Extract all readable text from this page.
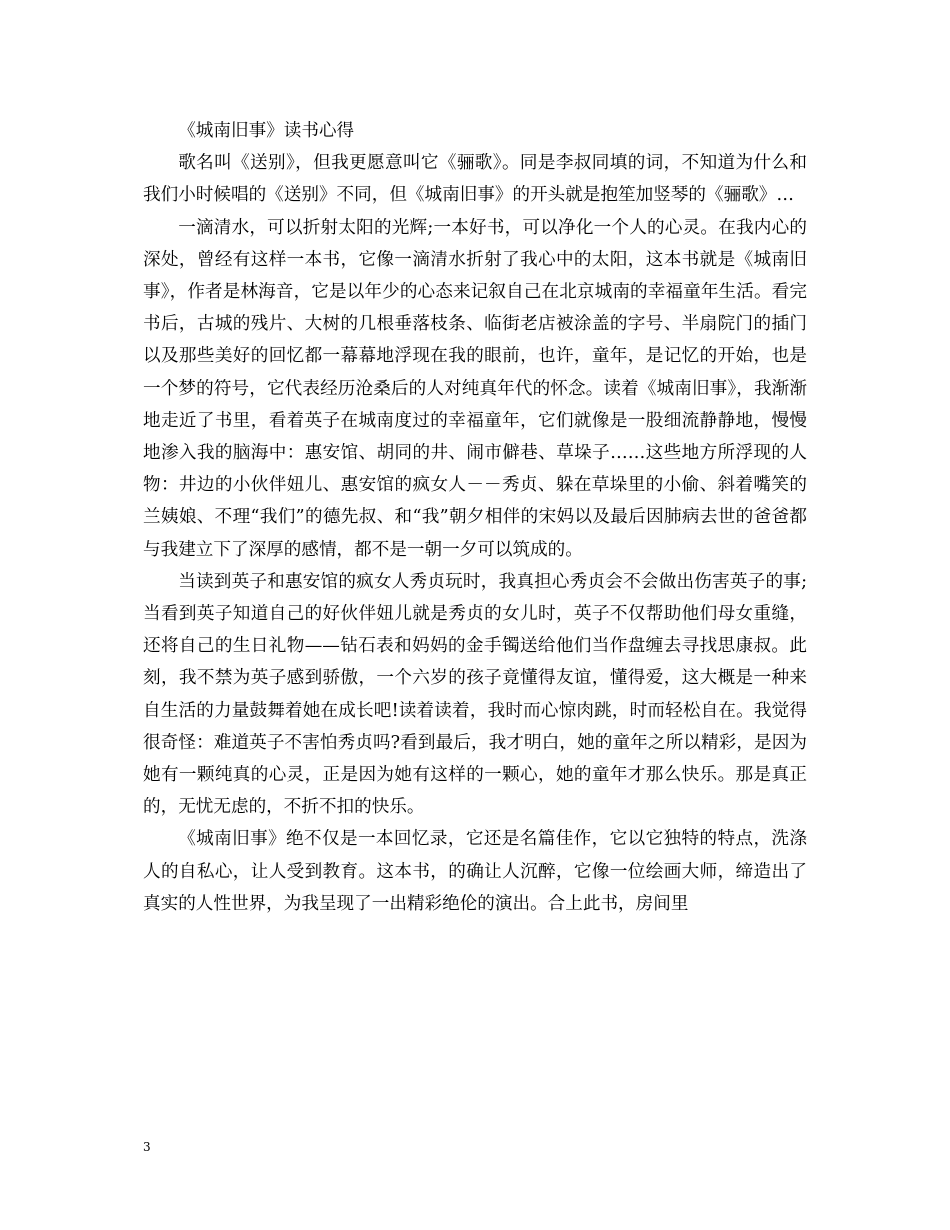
《城南旧事》读书心得

歌名叫《送别》，但我更愿意叫它《骊歌》。同是李叔同填的词，不知道为什么和我们小时候唱的《送别》不同，但《城南旧事》的开头就是抱笙加竖琴的《骊歌》…

一滴清水，可以折射太阳的光辉;一本好书，可以净化一个人的心灵。在我内心的深处，曾经有这样一本书，它像一滴清水折射了我心中的太阳，这本书就是《城南旧事》，作者是林海音，它是以年少的心态来记叙自己在北京城南的幸福童年生活。看完书后，古城的残片、大树的几根垂落枝条、临街老店被涂盖的字号、半扇院门的插门以及那些美好的回忆都一幕幕地浮现在我的眼前，也许，童年，是记忆的开始，也是一个梦的符号，它代表经历沧桑后的人对纯真年代的怀念。读着《城南旧事》，我渐渐地走近了书里，看着英子在城南度过的幸福童年，它们就像是一股细流静静地，慢慢地渗入我的脑海中：惠安馆、胡同的井、闹市僻巷、草垛子……这些地方所浮现的人物：井边的小伙伴妞儿、惠安馆的疯女人－－秀贞、躲在草垛里的小偷、斜着嘴笑的兰姨娘、不理“我们”的德先叔、和“我”朝夕相伴的宋妈以及最后因肺病去世的爸爸都与我建立下了深厚的感情，都不是一朝一夕可以筑成的。

当读到英子和惠安馆的疯女人秀贞玩时，我真担心秀贞会不会做出伤害英子的事;当看到英子知道自己的好伙伴妞儿就是秀贞的女儿时，英子不仅帮助他们母女重缝，还将自己的生日礼物——钻石表和妈妈的金手镯送给他们当作盘缠去寻找思康叔。此刻，我不禁为英子感到骄傲，一个六岁的孩子竟懂得友谊，懂得爱，这大概是一种来自生活的力量鼓舞着她在成长吧!读着读着，我时而心惊肉跳，时而轻松自在。我觉得很奇怪：难道英子不害怕秀贞吗?看到最后，我才明白，她的童年之所以精彩，是因为她有一颗纯真的心灵，正是因为她有这样的一颗心，她的童年才那么快乐。那是真正的，无忧无虑的，不折不扣的快乐。

《城南旧事》绝不仅是一本回忆录，它还是名篇佳作，它以它独特的特点，洗涤人的自私心，让人受到教育。这本书，的确让人沉醉，它像一位绘画大师，缔造出了真实的人性世界，为我呈现了一出精彩绝伦的演出。合上此书，房间里

3
